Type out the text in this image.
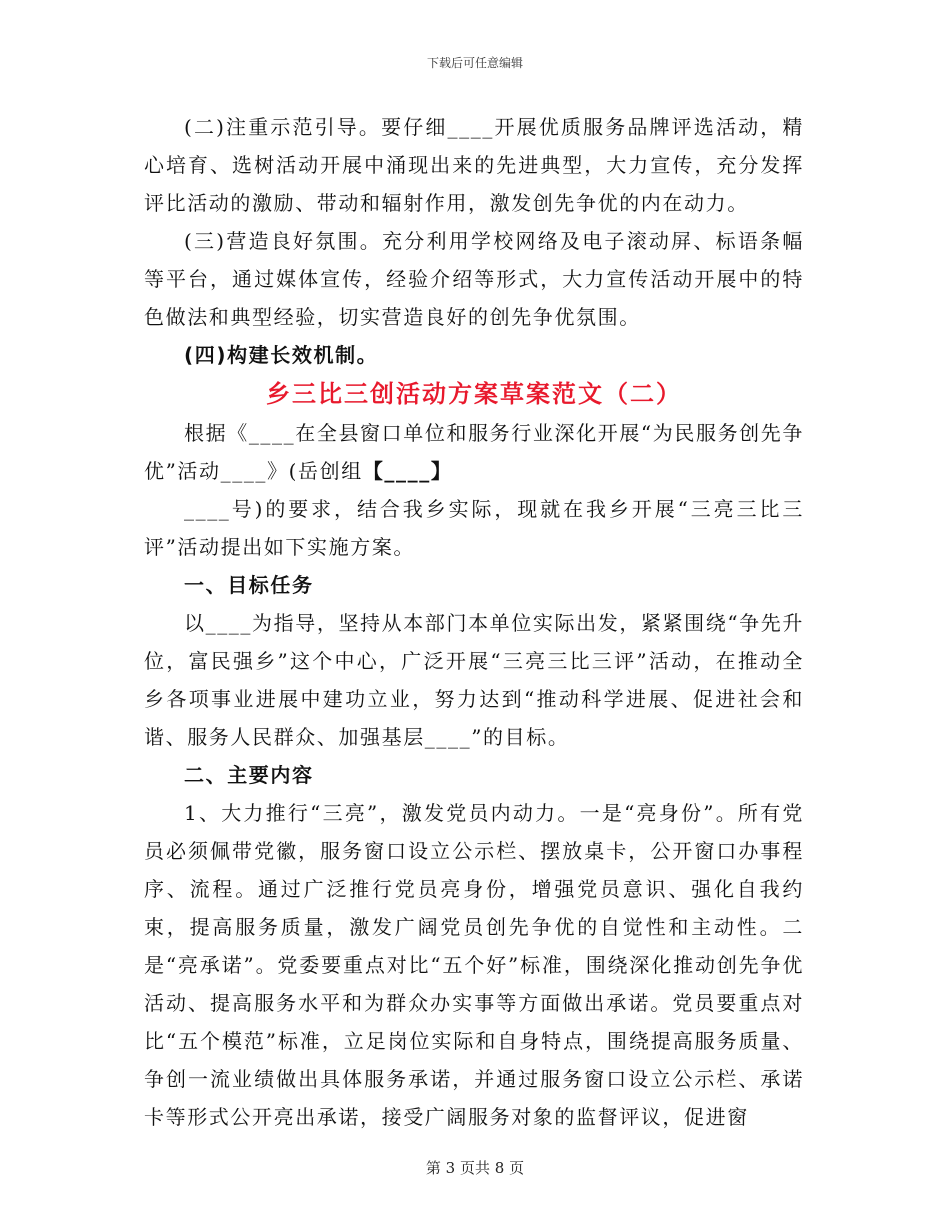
下载后可任意编辑

(二)注重示范引导。要仔细____开展优质服务品牌评选活动，精心培育、选树活动开展中涌现出来的先进典型，大力宣传，充分发挥评比活动的激励、带动和辐射作用，激发创先争优的内在动力。

(三)营造良好氛围。充分利用学校网络及电子滚动屏、标语条幅等平台，通过媒体宣传，经验介绍等形式，大力宣传活动开展中的特色做法和典型经验，切实营造良好的创先争优氛围。

(四)构建长效机制。

乡三比三创活动方案草案范文（二）

根据《____在全县窗口单位和服务行业深化开展“为民服务创先争优”活动____》(岳创组【____】

____号)的要求，结合我乡实际，现就在我乡开展“三亮三比三评”活动提出如下实施方案。

一、目标任务

以____为指导，坚持从本部门本单位实际出发，紧紧围绕“争先升位，富民强乡”这个中心，广泛开展“三亮三比三评”活动，在推动全乡各项事业进展中建功立业，努力达到“推动科学进展、促进社会和谐、服务人民群众、加强基层____”的目标。

二、主要内容

1、大力推行“三亮”，激发党员内动力。一是“亮身份”。所有党员必须佩带党徽，服务窗口设立公示栏、摆放桌卡，公开窗口办事程序、流程。通过广泛推行党员亮身份，增强党员意识、强化自我约束，提高服务质量，激发广阔党员创先争优的自觉性和主动性。二是“亮承诺”。党委要重点对比“五个好”标准，围绕深化推动创先争优活动、提高服务水平和为群众办实事等方面做出承诺。党员要重点对比“五个模范”标准，立足岗位实际和自身特点，围绕提高服务质量、争创一流业绩做出具体服务承诺，并通过服务窗口设立公示栏、承诺卡等形式公开亮出承诺，接受广阔服务对象的监督评议，促进窗

第 3 页共 8 页
